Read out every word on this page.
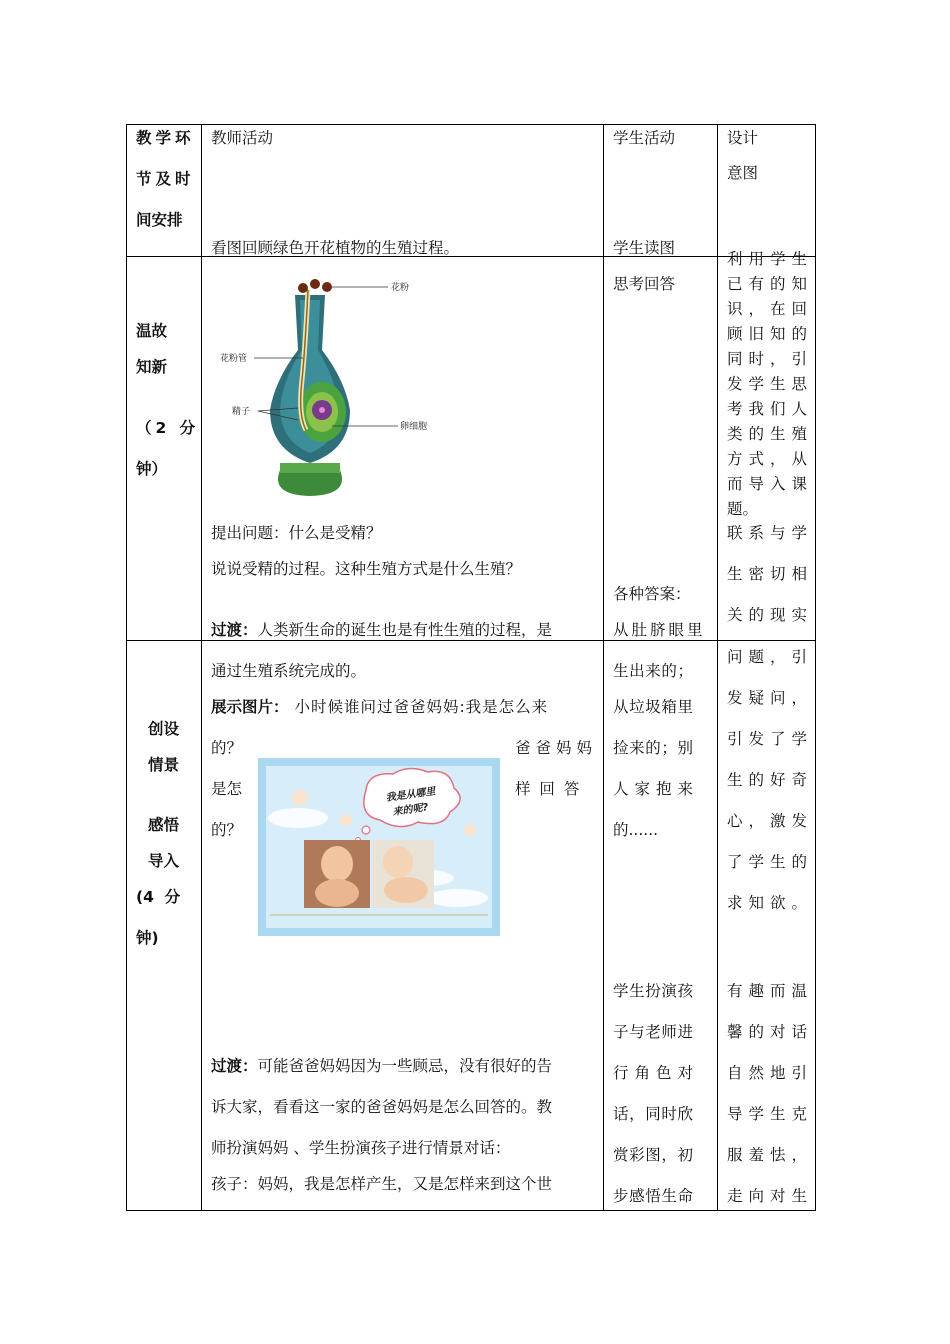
教学环
节及时
间安排
教师活动	学生活动	设计
意图
看图回顾绿色开花植物的生殖过程。
温故
知新
（2 分
钟）
花粉
花粉管
精子
卵细胞
提出问题：什么是受精？
说说受精的过程。这种生殖方式是什么生殖？
过渡：人类新生命的诞生也是有性生殖的过程，是
学生读图
思考回答
各种答案：
从肚脐眼里
利 用 学 生
已 有 的 知
识 ， 在 回
顾 旧 知 的
同 时 ， 引
发 学 生 思
考 我 们 人
类 的 生 殖
方 式 ， 从
而 导 入 课
题。
联 系 与 学
生 密 切 相
关 的 现 实
创设
情景
感悟
导入
(4  分
钟)
通过生殖系统完成的。
展示图片： 小时候谁问过爸爸妈妈:我是怎么来
的？
是怎
的？
爸 爸 妈 妈
样 回 答
我是从哪里
来的呢?
过渡：可能爸爸妈妈因为一些顾忌，没有很好的告
诉大家，看看这一家的爸爸妈妈是怎么回答的。教
师扮演妈妈 、学生扮演孩子进行情景对话：
孩子：妈妈，我是怎样产生，又是怎样来到这个世
生 出 来 的 ；
从 垃 圾 箱 里
捡 来 的 ； 别
人 家 抱 来
的......
学 生 扮 演 孩
子 与 老 师 进
行 角 色 对
话 ， 同 时 欣
赏 彩 图 ， 初
步 感 悟 生 命
问 题 ， 引
发 疑 问 ，
引 发 了 学
生 的 好 奇
心 ， 激 发
了 学 生 的
求 知 欲 。
有 趣 而 温
馨 的 对 话
自 然 地 引
导 学 生 克
服 羞 怯 ，
走 向 对 生
